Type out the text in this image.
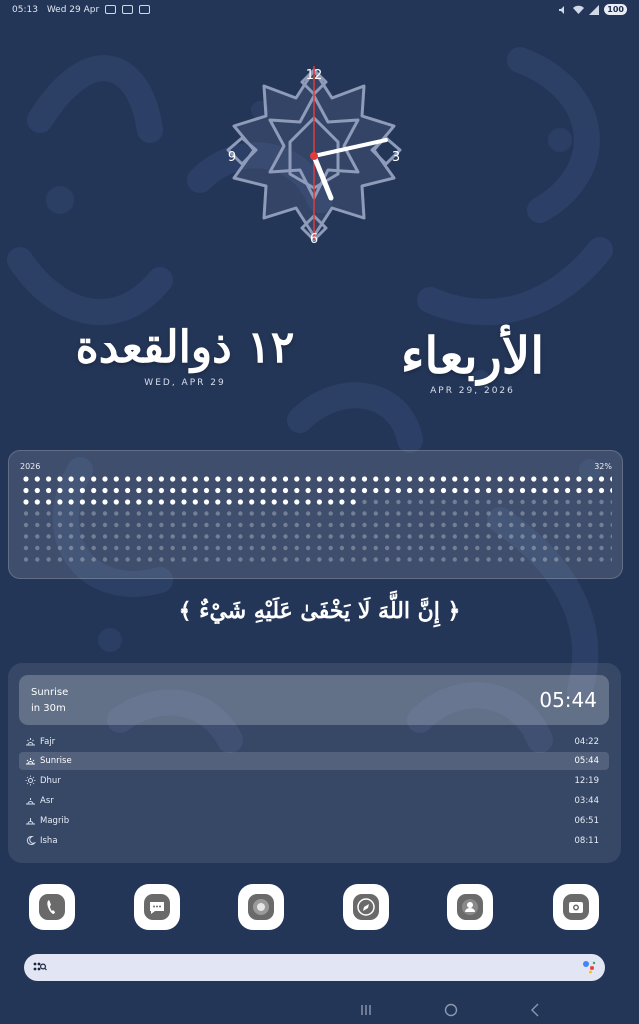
05:13 Wed 29 Apr	100
12
3
6
9
١٢ ذوالقعدة
WED, APR 29	الأربعاء
APR 29, 2026
2026	32%
﴿ إِنَّ اللَّهَ لَا يَخْفَىٰ عَلَيْهِ شَيْءٌ ﴾
Sunrise
in 30m	05:44
Fajr	04:22
Sunrise	05:44
Dhur	12:19
Asr	03:44
Magrib	06:51
Isha	08:11
